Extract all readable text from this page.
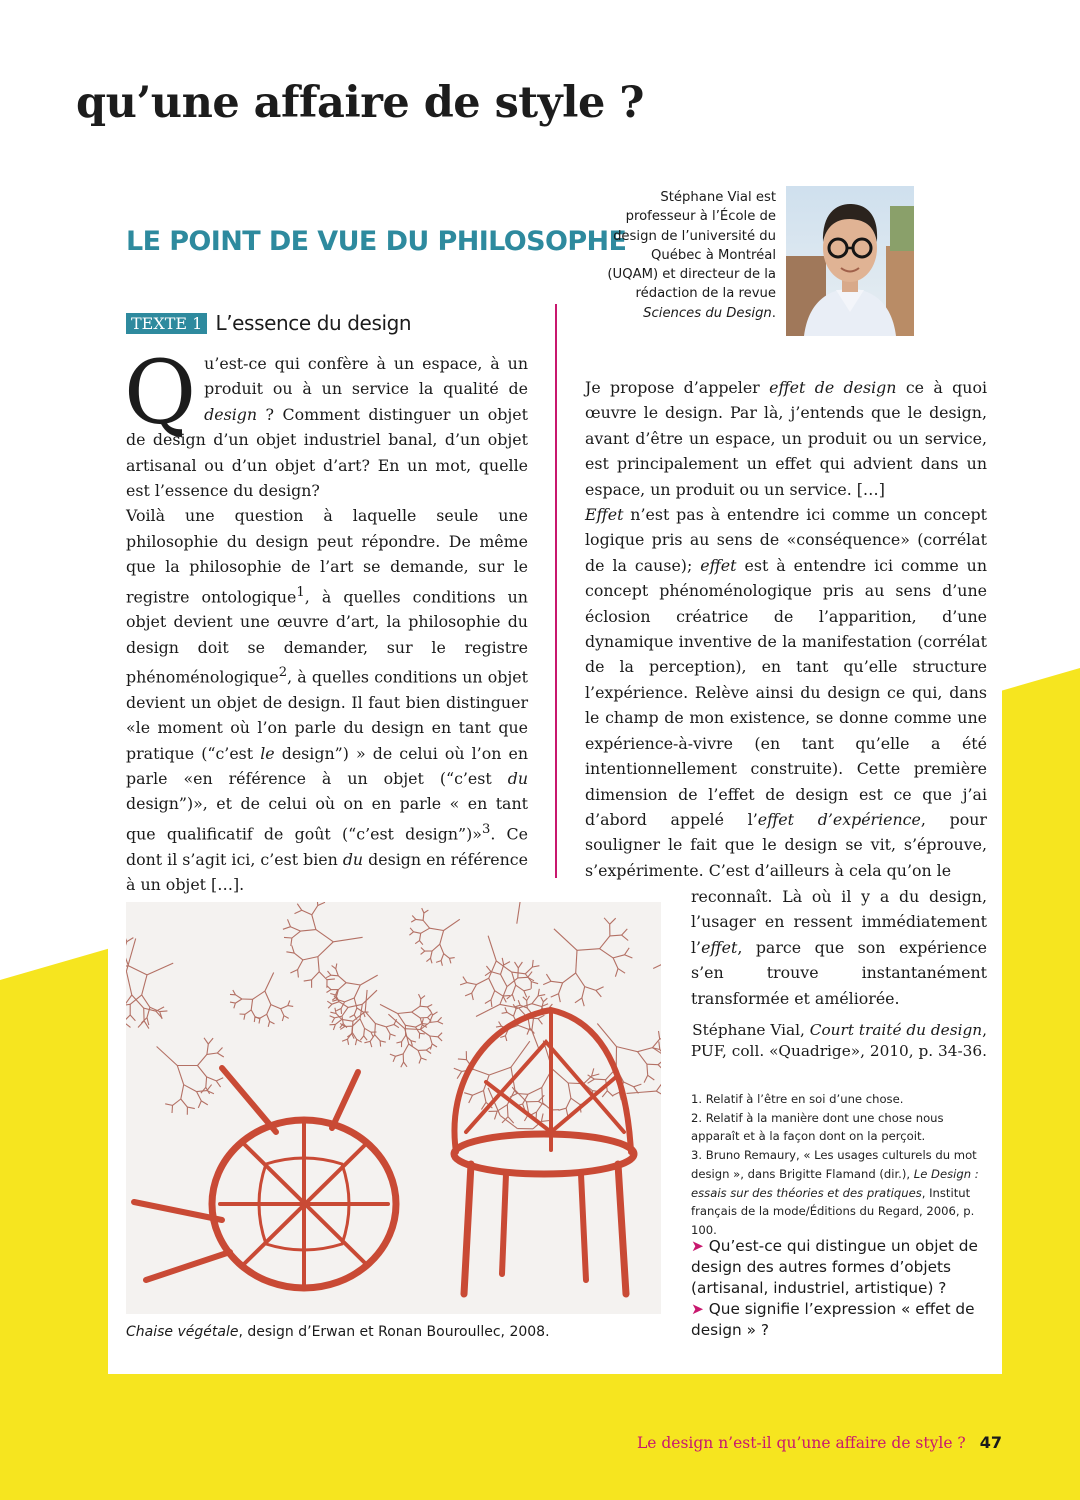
qu’une affaire de style ?
LE POINT DE VUE DU PHILOSOPHE
Stéphane Vial est professeur à l’École de design de l’université du Québec à Montréal (UQAM) et directeur de la rédaction de la revue Sciences du Design.
TEXTE 1 L’essence du design

Qu’est-ce qui confère à un espace, à un produit ou à un service la qualité de design ? Comment distinguer un objet de design d’un objet industriel banal, d’un objet artisanal ou d’un objet d’art? En un mot, quelle est l’essence du design?

Voilà une question à laquelle seule une philosophie du design peut répondre. De même que la philosophie de l’art se demande, sur le registre ontologique$^1$, à quelles conditions un objet devient une œuvre d’art, la philosophie du design doit se demander, sur le registre phénoménologique$^2$, à quelles conditions un objet devient un objet de design. Il faut bien distinguer «le moment où l’on parle du design en tant que pratique (“c’est le design”) » de celui où l’on en parle «en référence à un objet (“c’est du design”)», et de celui où on en parle « en tant que qualificatif de goût (“c’est design”)»$^3$. Ce dont il s’agit ici, c’est bien du design en référence à un objet […].

Je propose d’appeler effet de design ce à quoi œuvre le design. Par là, j’entends que le design, avant d’être un espace, un produit ou un service, est principalement un effet qui advient dans un espace, un produit ou un service. […]

Effet n’est pas à entendre ici comme un concept logique pris au sens de «conséquence» (corrélat de la cause); effet est à entendre ici comme un concept phénoménologique pris au sens d’une éclosion créatrice de l’apparition, d’une dynamique inventive de la manifestation (corrélat de la perception), en tant qu’elle structure l’expérience. Relève ainsi du design ce qui, dans le champ de mon existence, se donne comme une expérience-à-vivre (en tant qu’elle a été intentionnellement construite). Cette première dimension de l’effet de design est ce que j’ai d’abord appelé l’effet d’expérience, pour souligner le fait que le design se vit, s’éprouve, s’expérimente. C’est d’ailleurs à cela qu’on le

reconnaît. Là où il y a du design, l’usager en ressent immédiatement l’effet, parce que son expérience s’en trouve instantanément transformée et améliorée.

Stéphane Vial, Court traité du design, PUF, coll. «Quadrige», 2010, p. 34-36.

1. Relatif à l’être en soi d’une chose.

2. Relatif à la manière dont une chose nous apparaît et à la façon dont on la perçoit.

3. Bruno Remaury, « Les usages culturels du mot design », dans Brigitte Flamand (dir.), Le Design : essais sur des théories et des pratiques, Institut français de la mode/Éditions du Regard, 2006, p. 100.

➤ Qu’est-ce qui distingue un objet de design des autres formes d’objets (artisanal, industriel, artistique) ?

➤ Que signifie l’expression « effet de design » ?

Chaise végétale, design d’Erwan et Ronan Bouroullec, 2008.
Le design n’est-il qu’une affaire de style ? 47
